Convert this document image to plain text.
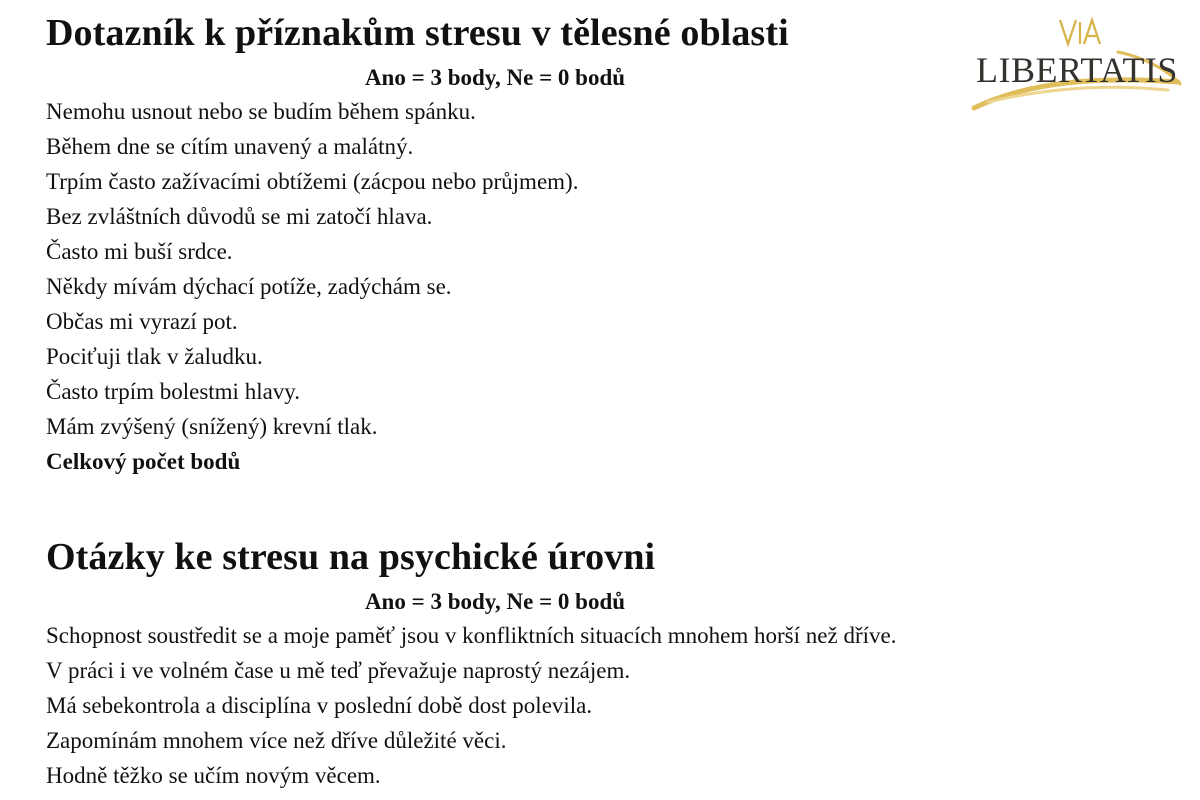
LIBERTATIS
Dotazník k příznakům stresu v tělesné oblasti
Ano = 3 body, Ne = 0 bodů
Nemohu usnout nebo se budím během spánku.
Během dne se cítím unavený a malátný.
Trpím často zažívacími obtížemi (zácpou nebo průjmem).
Bez zvláštních důvodů se mi zatočí hlava.
Často mi buší srdce.
Někdy mívám dýchací potíže, zadýchám se.
Občas mi vyrazí pot.
Pociťuji tlak v žaludku.
Často trpím bolestmi hlavy.
Mám zvýšený (snížený) krevní tlak.
Celkový počet bodů
Otázky ke stresu na psychické úrovni
Ano = 3 body, Ne = 0 bodů
Schopnost soustředit se a moje paměť jsou v konfliktních situacích mnohem horší než dříve.
V práci i ve volném čase u mě teď převažuje naprostý nezájem.
Má sebekontrola a disciplína v poslední době dost polevila.
Zapomínám mnohem více než dříve důležité věci.
Hodně těžko se učím novým věcem.
